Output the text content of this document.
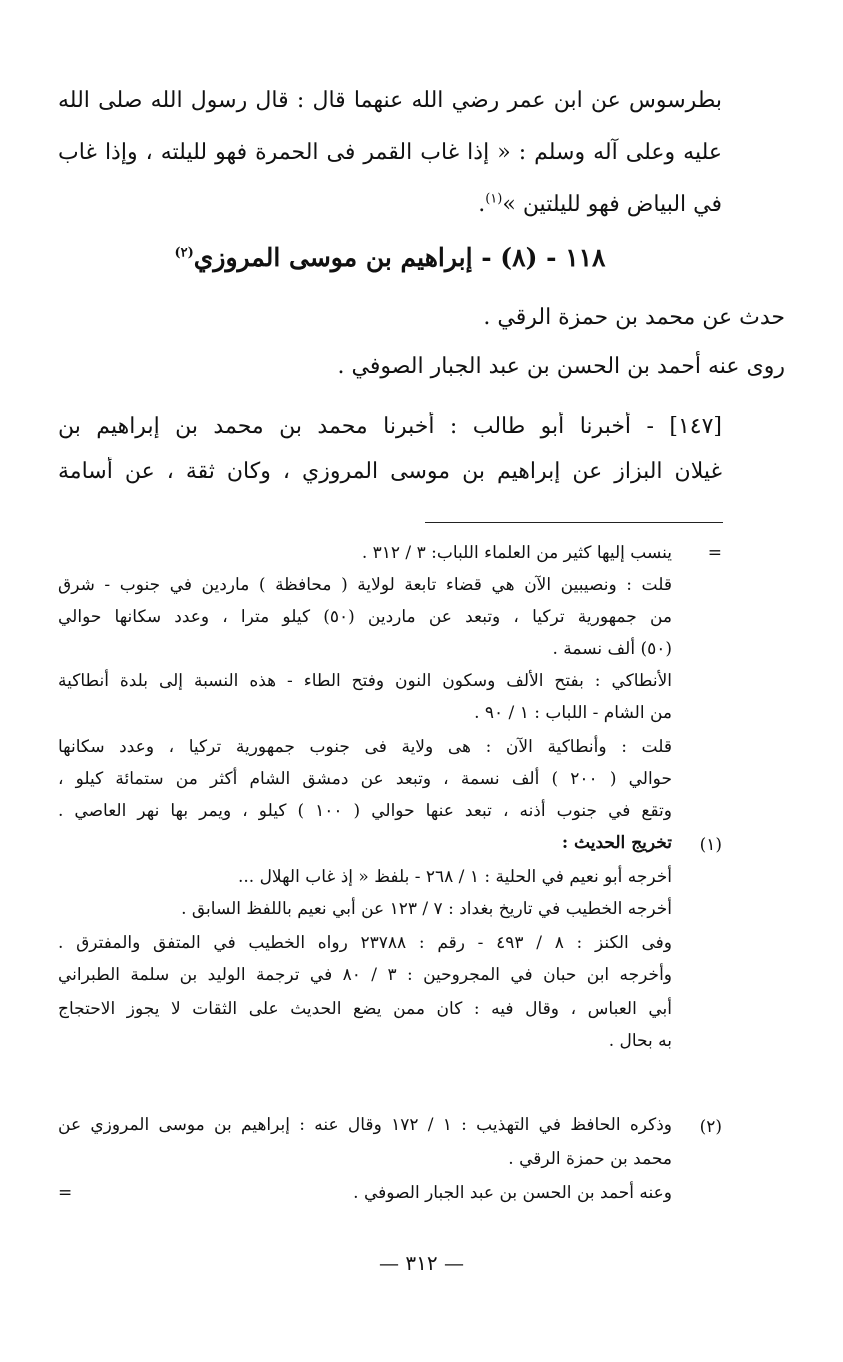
بطرسوس عن ابن عمر رضي الله عنهما قال : قال رسول الله صلى الله
عليه وعلى آله وسلم : « إذا غاب القمر فى الحمرة فهو لليلته ، وإذا غاب
في البياض فهو لليلتين »$^{(١)}$.
١١٨ - (٨) - إبراهيم بن موسى المروزي$^{(٢)}$
حدث عن محمد بن حمزة الرقي .
روى عنه أحمد بن الحسن بن عبد الجبار الصوفي .
[١٤٧] - أخبرنا أبو طالب : أخبرنا محمد بن محمد بن إبراهيم بن
غيلان البزاز عن إبراهيم بن موسى المروزي ، وكان ثقة ، عن أسامة
=
ينسب إليها كثير من العلماء اللباب: ٣ / ٣١٢ .
قلت : ونصيبين الآن هي قضاء تابعة لولاية ( محافظة ) ماردين في جنوب - شرق
من جمهورية تركيا ، وتبعد عن ماردين (٥٠) كيلو مترا ، وعدد سكانها حوالي
(٥٠) ألف نسمة .
الأنطاكي : بفتح الألف وسكون النون وفتح الطاء - هذه النسبة إلى بلدة أنطاكية
من الشام - اللباب : ١ / ٩٠ .
قلت : وأنطاكية الآن : هى ولاية فى جنوب جمهورية تركيا ، وعدد سكانها
حوالي ( ٢٠٠ ) ألف نسمة ، وتبعد عن دمشق الشام أكثر من ستمائة كيلو ،
وتقع في جنوب أذنه ، تبعد عنها حوالي ( ١٠٠ ) كيلو ، ويمر بها نهر العاصي .
(١)
تخريج الحديث :
أخرجه أبو نعيم في الحلية : ١ / ٢٦٨ - بلفظ « إذ غاب الهلال ...
أخرجه الخطيب في تاريخ بغداد : ٧ / ١٢٣ عن أبي نعيم باللفظ السابق .
وفى الكنز : ٨ / ٤٩٣ - رقم : ٢٣٧٨٨ رواه الخطيب في المتفق والمفترق .
وأخرجه ابن حبان في المجروحين : ٣ / ٨٠ في ترجمة الوليد بن سلمة الطبراني
أبي العباس ، وقال فيه : كان ممن يضع الحديث على الثقات لا يجوز الاحتجاج
به بحال .
(٢)
وذكره الحافظ في التهذيب : ١ / ١٧٢ وقال عنه : إبراهيم بن موسى المروزي عن
محمد بن حمزة الرقي .
وعنه أحمد بن الحسن بن عبد الجبار الصوفي .
=
— ٣١٢ —
